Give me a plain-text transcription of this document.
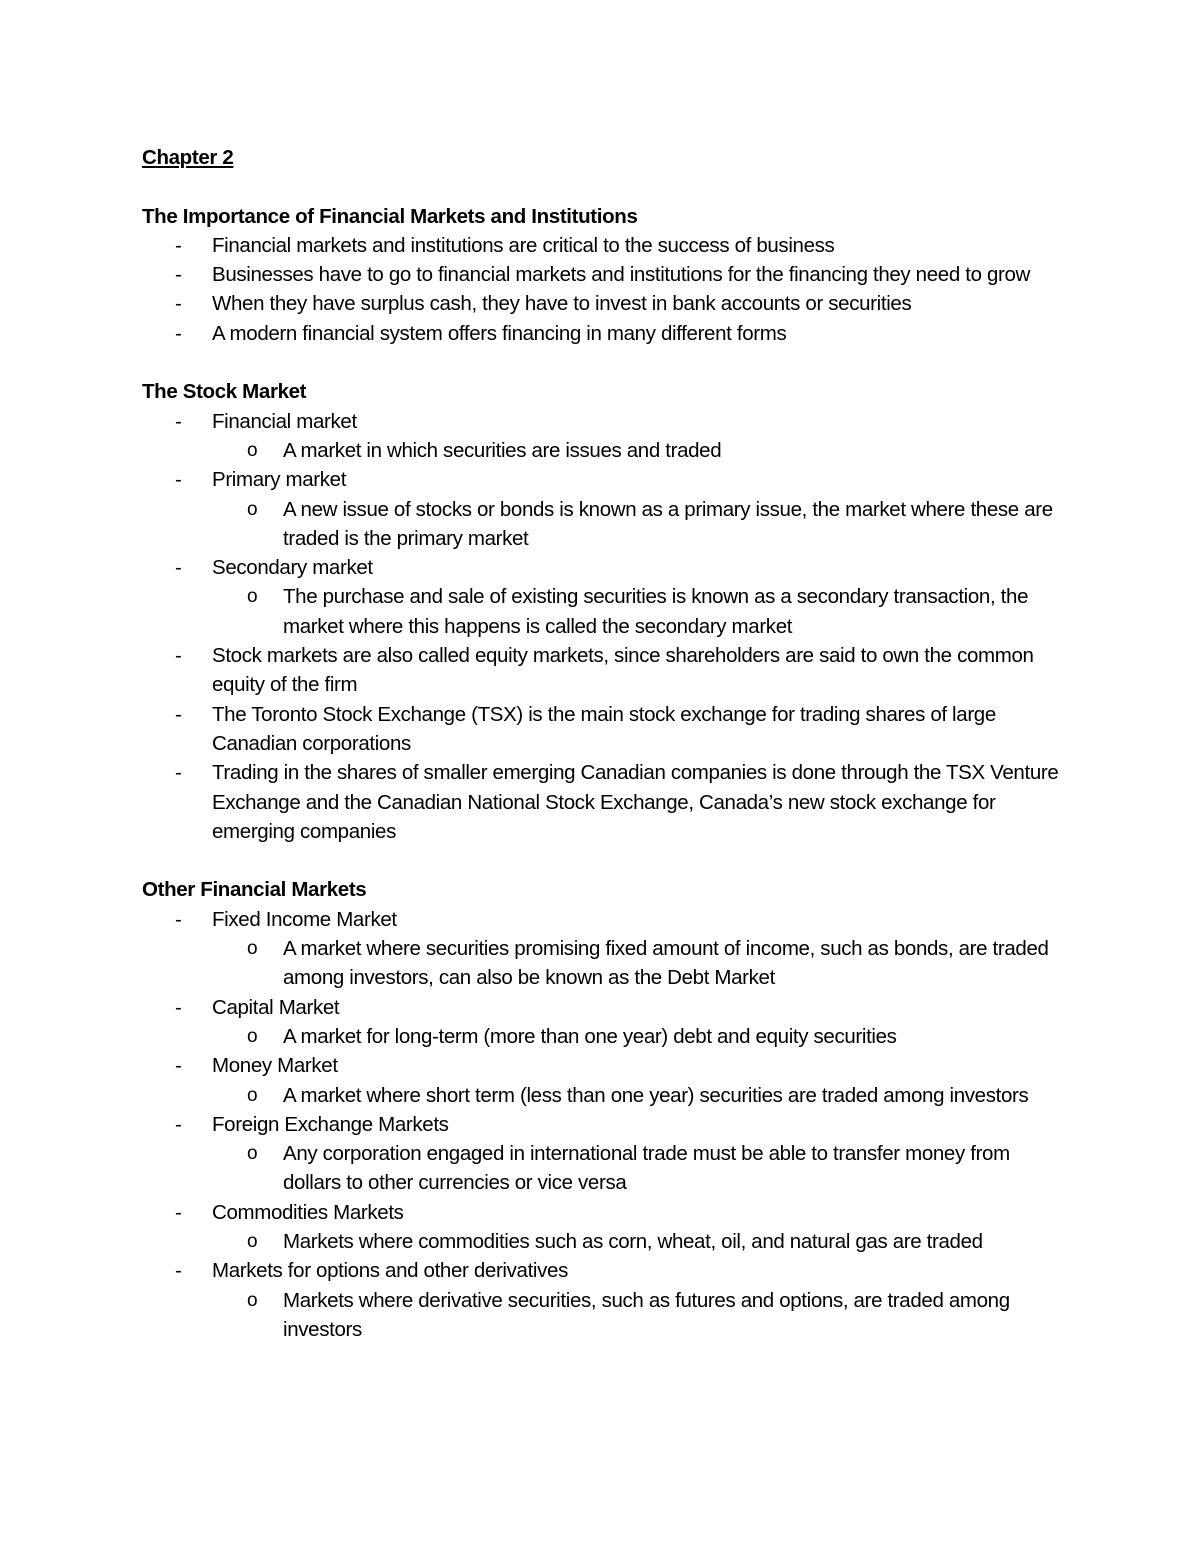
Chapter 2

The Importance of Financial Markets and Institutions

- Financial markets and institutions are critical to the success of business
- Businesses have to go to financial markets and institutions for the financing they need to grow
- When they have surplus cash, they have to invest in bank accounts or securities
- A modern financial system offers financing in many different forms

The Stock Market

- Financial market
o A market in which securities are issues and traded
- Primary market
o A new issue of stocks or bonds is known as a primary issue, the market where these are traded is the primary market
- Secondary market
o The purchase and sale of existing securities is known as a secondary transaction, the market where this happens is called the secondary market
- Stock markets are also called equity markets, since shareholders are said to own the common equity of the firm
- The Toronto Stock Exchange (TSX) is the main stock exchange for trading shares of large Canadian corporations
- Trading in the shares of smaller emerging Canadian companies is done through the TSX Venture Exchange and the Canadian National Stock Exchange, Canada’s new stock exchange for emerging companies

Other Financial Markets

- Fixed Income Market
o A market where securities promising fixed amount of income, such as bonds, are traded among investors, can also be known as the Debt Market
- Capital Market
o A market for long-term (more than one year) debt and equity securities
- Money Market
o A market where short term (less than one year) securities are traded among investors
- Foreign Exchange Markets
o Any corporation engaged in international trade must be able to transfer money from dollars to other currencies or vice versa
- Commodities Markets
o Markets where commodities such as corn, wheat, oil, and natural gas are traded
- Markets for options and other derivatives
o Markets where derivative securities, such as futures and options, are traded among investors
